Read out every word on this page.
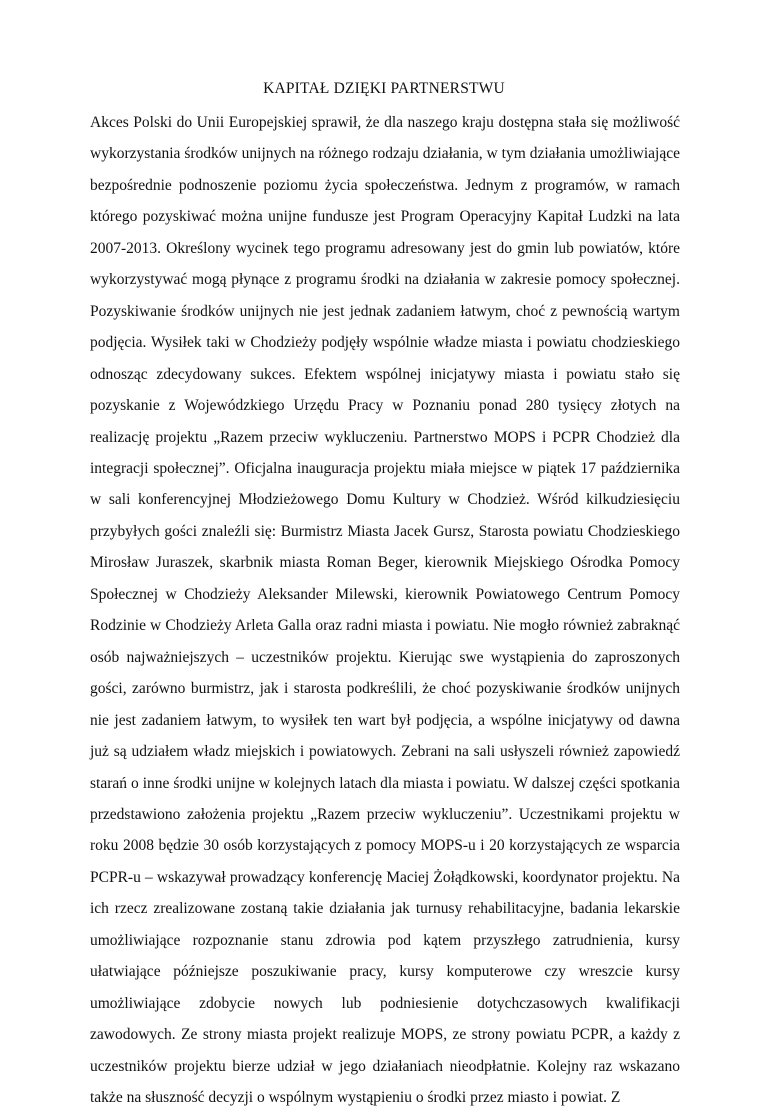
KAPITAŁ DZIĘKI PARTNERSTWU
Akces Polski do Unii Europejskiej sprawił, że dla naszego kraju dostępna stała się możliwość wykorzystania środków unijnych na różnego rodzaju działania, w tym działania umożliwiające bezpośrednie podnoszenie poziomu życia społeczeństwa. Jednym z programów, w ramach którego pozyskiwać można unijne fundusze jest Program Operacyjny Kapitał Ludzki na lata 2007-2013. Określony wycinek tego programu adresowany jest do gmin lub powiatów, które wykorzystywać mogą płynące z programu środki na działania w zakresie pomocy społecznej. Pozyskiwanie środków unijnych nie jest jednak zadaniem łatwym, choć z pewnością wartym podjęcia. Wysiłek taki w Chodzieży podjęły wspólnie władze miasta i powiatu chodzieskiego odnosząc zdecydowany sukces. Efektem wspólnej inicjatywy miasta i powiatu stało się pozyskanie z Wojewódzkiego Urzędu Pracy w Poznaniu ponad 280 tysięcy złotych na realizację projektu „Razem przeciw wykluczeniu. Partnerstwo MOPS i PCPR Chodzież dla integracji społecznej”. Oficjalna inauguracja projektu miała miejsce w piątek 17 października w sali konferencyjnej Młodzieżowego Domu Kultury w Chodzież. Wśród kilkudziesięciu przybyłych gości znaleźli się: Burmistrz Miasta Jacek Gursz, Starosta powiatu Chodzieskiego Mirosław Juraszek, skarbnik miasta Roman Beger, kierownik Miejskiego Ośrodka Pomocy Społecznej w Chodzieży Aleksander Milewski, kierownik Powiatowego Centrum Pomocy Rodzinie w Chodzieży Arleta Galla oraz radni miasta i powiatu. Nie mogło również zabraknąć osób najważniejszych – uczestników projektu. Kierując swe wystąpienia do zaproszonych gości, zarówno burmistrz, jak i starosta podkreślili, że choć pozyskiwanie środków unijnych nie jest zadaniem łatwym, to wysiłek ten wart był podjęcia, a wspólne inicjatywy od dawna już są udziałem władz miejskich i powiatowych. Zebrani na sali usłyszeli również zapowiedź starań o inne środki unijne w kolejnych latach dla miasta i powiatu. W dalszej części spotkania przedstawiono założenia projektu „Razem przeciw wykluczeniu”. Uczestnikami projektu w roku 2008 będzie 30 osób korzystających z pomocy MOPS-u i 20 korzystających ze wsparcia PCPR-u – wskazywał prowadzący konferencję Maciej Żołądkowski, koordynator projektu. Na ich rzecz zrealizowane zostaną takie działania jak turnusy rehabilitacyjne, badania lekarskie umożliwiające rozpoznanie stanu zdrowia pod kątem przyszłego zatrudnienia, kursy ułatwiające późniejsze poszukiwanie pracy, kursy komputerowe czy wreszcie kursy umożliwiające zdobycie nowych lub podniesienie dotychczasowych kwalifikacji zawodowych. Ze strony miasta projekt realizuje MOPS, ze strony powiatu PCPR, a każdy z uczestników projektu bierze udział w jego działaniach nieodpłatnie. Kolejny raz wskazano także na słuszność decyzji o wspólnym wystąpieniu o środki przez miasto i powiat. Z
